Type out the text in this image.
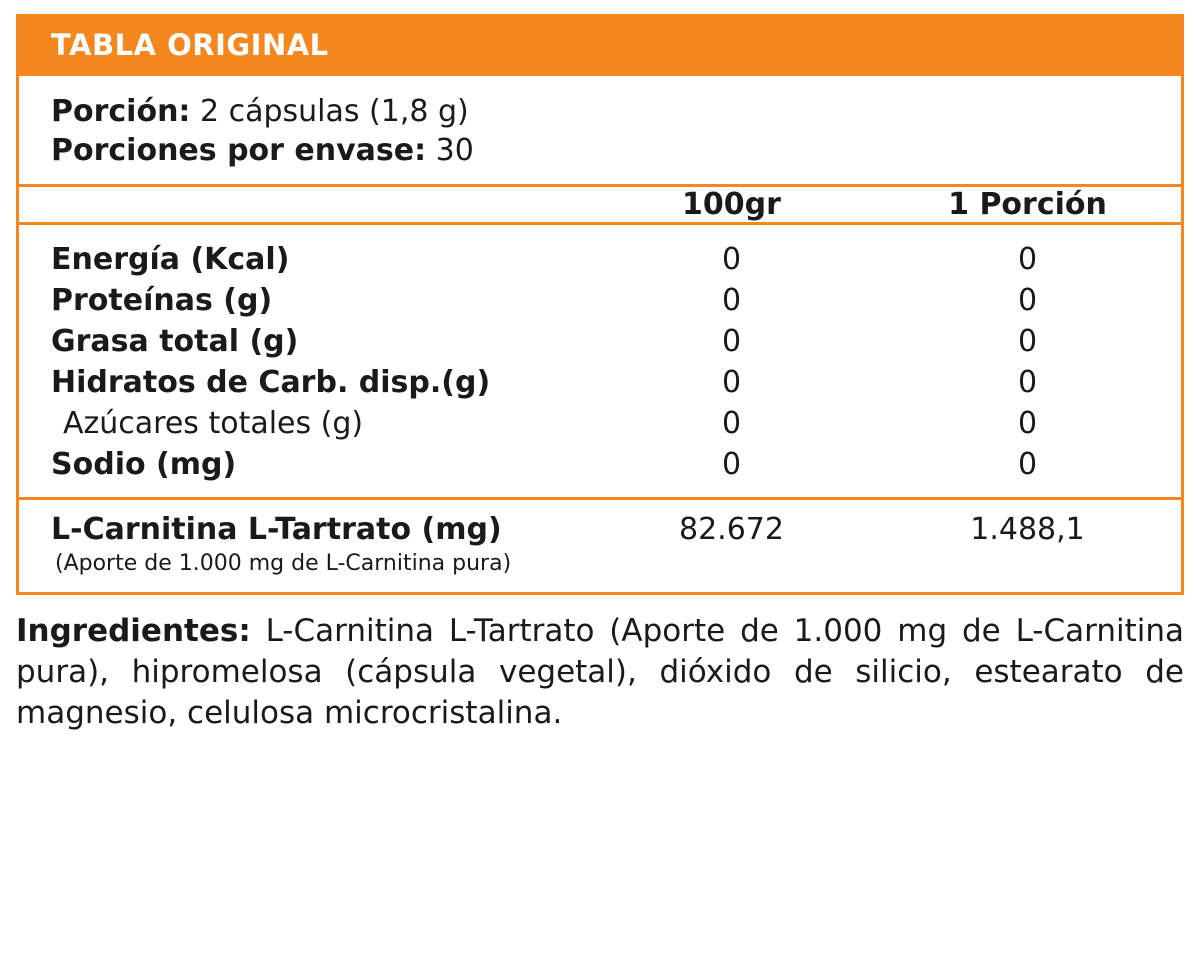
TABLA ORIGINAL
Porción: 2 cápsulas (1,8 g)
Porciones por envase: 30
	100gr	1 Porción

Energía (Kcal)	0	0
Proteínas (g)	0	0
Grasa total (g)	0	0
Hidratos de Carb. disp.(g)	0	0
Azúcares totales (g)	0	0
Sodio (mg)	0	0

L-Carnitina L-Tartrato (mg)	82.672	1.488,1
(Aporte de 1.000 mg de L-Carnitina pura)
Ingredientes: L-Carnitina L-Tartrato (Aporte de 1.000 mg de L-Carnitina pura), hipromelosa (cápsula vegetal), dióxido de silicio, estearato de magnesio, celulosa microcristalina.
